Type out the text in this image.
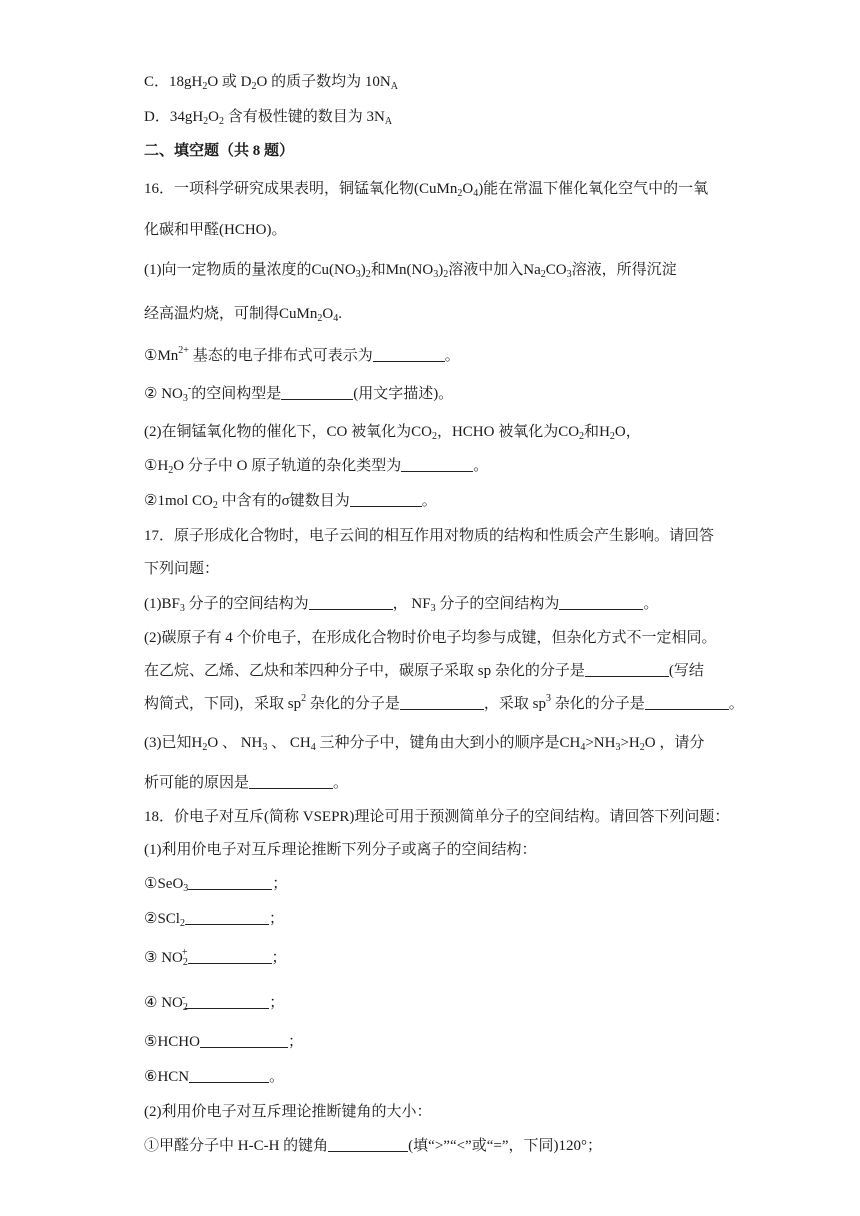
C．$18gH_2O$ 或 $D_2O$ 的质子数均为 $10N_A$
D．$34gH_2O_2$ 含有极性键的数目为 $3N_A$
二、填空题（共 8 题）
16．一项科学研究成果表明，铜锰氧化物$(CuMn_2O_4)$能在常温下催化氧化空气中的一氧
化碳和甲醛(HCHO)。
(1)向一定物质的量浓度的$Cu(NO_3)_2$和$Mn(NO_3)_2$溶液中加入$Na_2CO_3$溶液，所得沉淀
经高温灼烧，可制得$CuMn_2O_4$.
$①Mn^{2+}$ 基态的电子排布式可表示为	。
② $NO_3^-$的空间构型是	(用文字描述)。
(2)在铜锰氧化物的催化下，CO 被氧化为$CO_2$，HCHO 被氧化为$CO_2$和$H_2O$，
$①H_2O$ 分子中 O 原子轨道的杂化类型为	。
②1mol $CO_2$ 中含有的σ键数目为	。
17．原子形成化合物时，电子云间的相互作用对物质的结构和性质会产生影响。请回答
下列问题：
$(1)BF_3$ 分子的空间结构为	， $NF_3$ 分子的空间结构为	。
(2)碳原子有 4 个价电子，在形成化合物时价电子均参与成键，但杂化方式不一定相同。
在乙烷、乙烯、乙炔和苯四种分子中，碳原子采取 sp 杂化的分子是	(写结
构简式，下同)，采取 $sp^2$ 杂化的分子是	，采取 $sp^3$ 杂化的分子是	。
(3)已知$H_2O$ 、 $NH_3$ 、 $CH_4$ 三种分子中，键角由大到小的顺序是$CH_4>NH_3>H_2O$ ，请分
析可能的原因是	。
18．价电子对互斥(简称 VSEPR)理论可用于预测简单分子的空间结构。请回答下列问题：
(1)利用价电子对互斥理论推断下列分子或离子的空间结构：
①SeO$_3$	；
②SCl$_2$	；
③ $NO_2^+$	；
④ $NO_2^-$	；
⑤HCHO	；
⑥HCN	。
(2)利用价电子对互斥理论推断键角的大小：
①甲醛分子中 H-C-H 的键角	(填“>”“<”或“=”，下同)120°；
